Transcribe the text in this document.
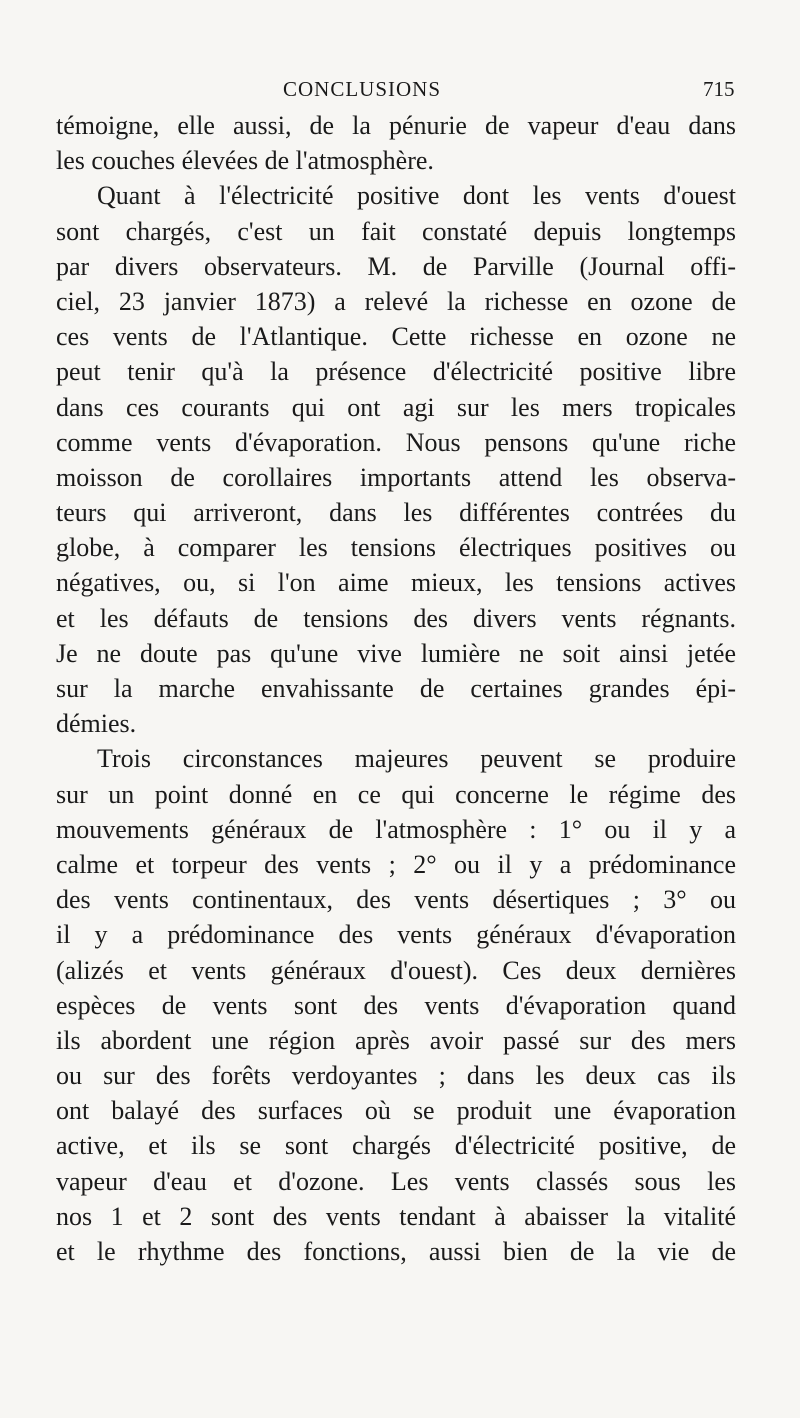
CONCLUSIONS	715
témoigne, elle aussi, de la pénurie de vapeur d'eau dans
les couches élevées de l'atmosphère.
Quant à l'électricité positive dont les vents d'ouest
sont chargés, c'est un fait constaté depuis longtemps
par divers observateurs. M. de Parville (Journal offi-
ciel, 23 janvier 1873) a relevé la richesse en ozone de
ces vents de l'Atlantique. Cette richesse en ozone ne
peut tenir qu'à la présence d'électricité positive libre
dans ces courants qui ont agi sur les mers tropicales
comme vents d'évaporation. Nous pensons qu'une riche
moisson de corollaires importants attend les observa-
teurs qui arriveront, dans les différentes contrées du
globe, à comparer les tensions électriques positives ou
négatives, ou, si l'on aime mieux, les tensions actives
et les défauts de tensions des divers vents régnants.
Je ne doute pas qu'une vive lumière ne soit ainsi jetée
sur la marche envahissante de certaines grandes épi-
démies.
Trois circonstances majeures peuvent se produire
sur un point donné en ce qui concerne le régime des
mouvements généraux de l'atmosphère : 1° ou il y a
calme et torpeur des vents ; 2° ou il y a prédominance
des vents continentaux, des vents désertiques ; 3° ou
il y a prédominance des vents généraux d'évaporation
(alizés et vents généraux d'ouest). Ces deux dernières
espèces de vents sont des vents d'évaporation quand
ils abordent une région après avoir passé sur des mers
ou sur des forêts verdoyantes ; dans les deux cas ils
ont balayé des surfaces où se produit une évaporation
active, et ils se sont chargés d'électricité positive, de
vapeur d'eau et d'ozone. Les vents classés sous les
nos 1 et 2 sont des vents tendant à abaisser la vitalité
et le rhythme des fonctions, aussi bien de la vie de
